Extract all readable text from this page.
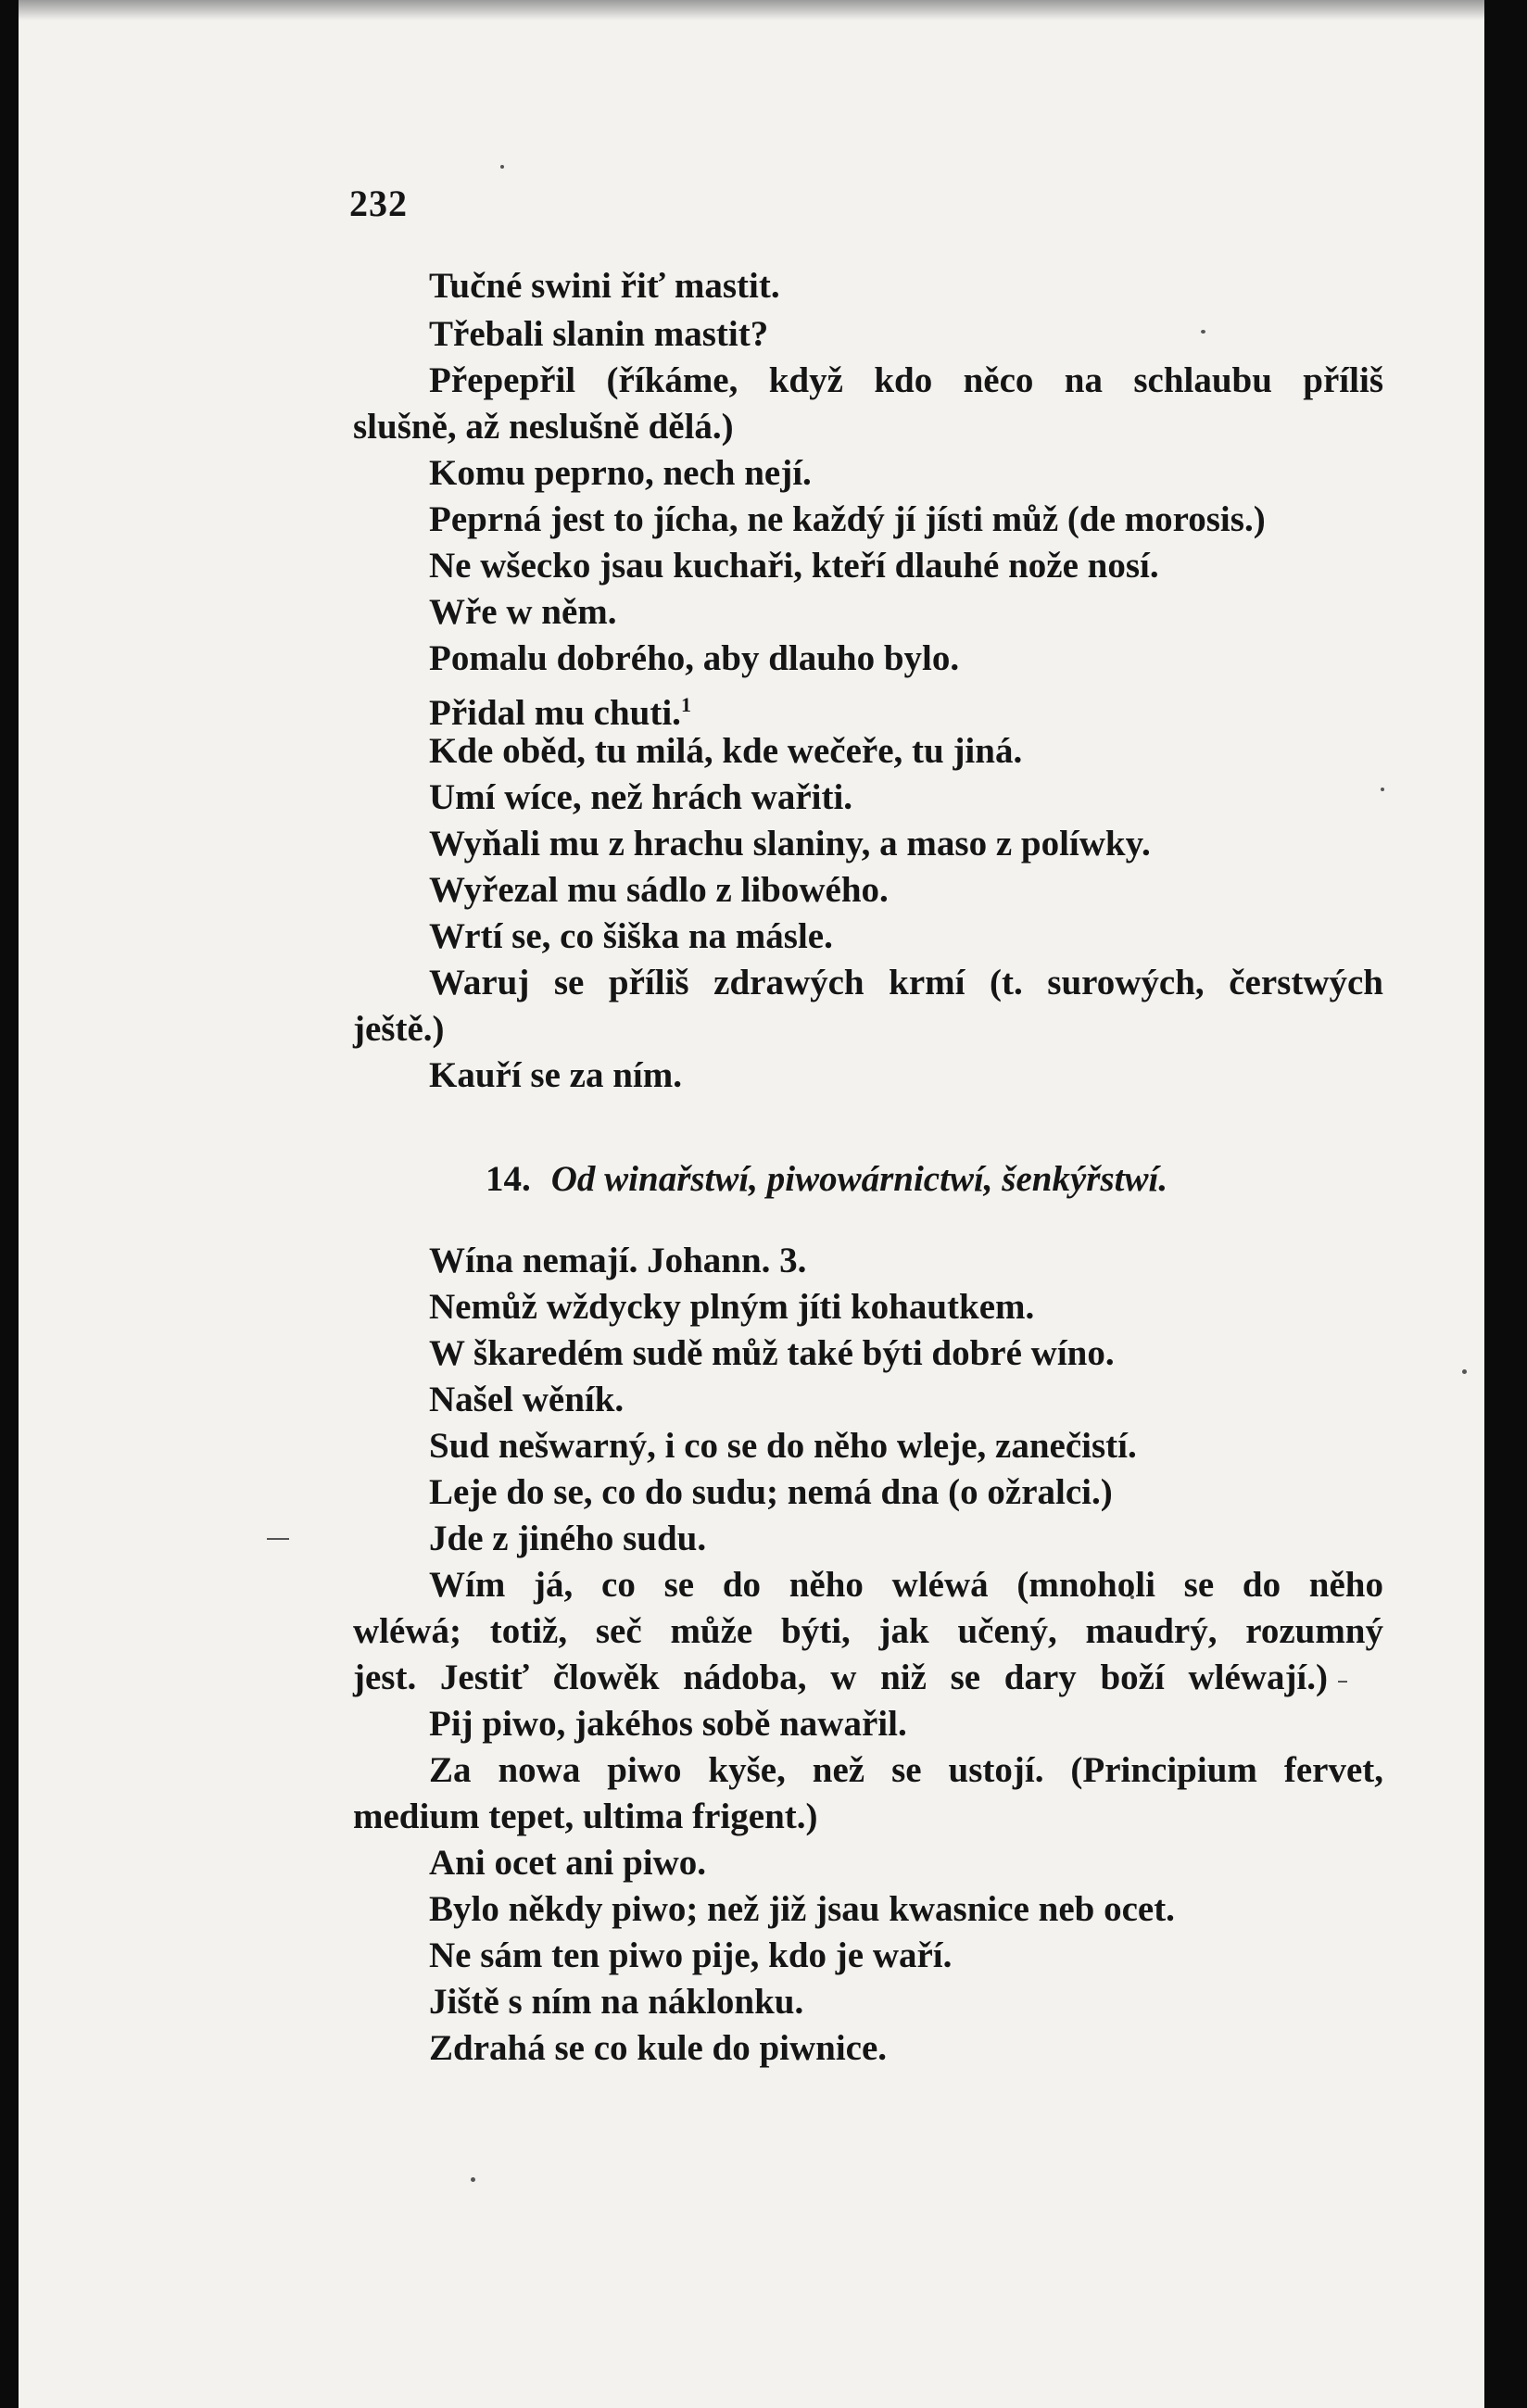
232
Tučné swini řiť mastit.
Třebali slanin mastit?
Přepepřil (říkáme, když kdo něco na schlaubu příliš
slušně, až neslušně dělá.)
Komu peprno, nech nejí.
Peprná jest to jícha, ne každý jí jísti můž (de morosis.)
Ne wšecko jsau kuchaři, kteří dlauhé nože nosí.
Wře w něm.
Pomalu dobrého, aby dlauho bylo.
Přidal mu chuti.$^1$
Kde oběd, tu milá, kde wečeře, tu jiná.
Umí wíce, než hrách wařiti.
Wyňali mu z hrachu slaniny, a maso z políwky.
Wyřezal mu sádlo z libowého.
Wrtí se, co šiška na másle.
Waruj se příliš zdrawých krmí (t. surowých, čerstwých
ještě.)
Kauří se za ním.
14. Od winařstwí, piwowárnictwí, šenkýřstwí.
Wína nemají. Johann. 3.
Nemůž wždycky plným jíti kohautkem.
W škaredém sudě můž také býti dobré wíno.
Našel wěník.
Sud nešwarný, i co se do něho wleje, zanečistí.
Leje do se, co do sudu; nemá dna (o ožralci.)
Jde z jiného sudu.
Wím já, co se do něho wléwá (mnoholi se do něho
wléwá; totiž, seč může býti, jak učený, maudrý, rozumný
jest. Jestiť člowěk nádoba, w niž se dary boží wléwají.)
Pij piwo, jakéhos sobě nawařil.
Za nowa piwo kyše, než se ustojí. (Principium fervet,
medium tepet, ultima frigent.)
Ani ocet ani piwo.
Bylo někdy piwo; než již jsau kwasnice neb ocet.
Ne sám ten piwo pije, kdo je waří.
Jiště s ním na náklonku.
Zdrahá se co kule do piwnice.
